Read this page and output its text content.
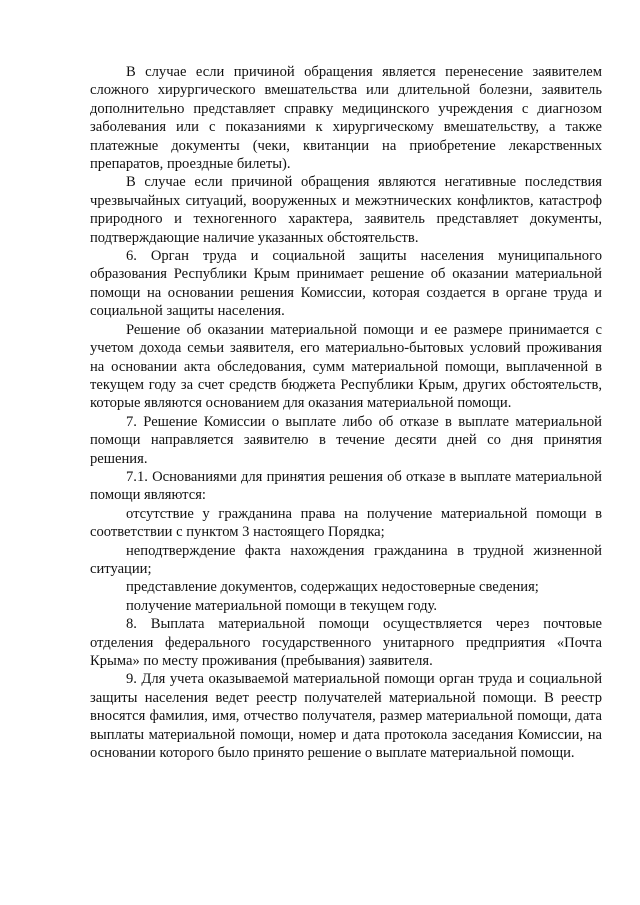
В случае если причиной обращения является перенесение заявителем сложного хирургического вмешательства или длительной болезни, заявитель дополнительно представляет справку медицинского учреждения с диагнозом заболевания или с показаниями к хирургическому вмешательству, а также платежные документы (чеки, квитанции на приобретение лекарственных препаратов, проездные билеты).

В случае если причиной обращения являются негативные последствия чрезвычайных ситуаций, вооруженных и межэтнических конфликтов, катастроф природного и техногенного характера, заявитель представляет документы, подтверждающие наличие указанных обстоятельств.

6. Орган труда и социальной защиты населения муниципального образования Республики Крым принимает решение об оказании материальной помощи на основании решения Комиссии, которая создается в органе труда и социальной защиты населения.

Решение об оказании материальной помощи и ее размере принимается с учетом дохода семьи заявителя, его материально-бытовых условий проживания на основании акта обследования, сумм материальной помощи, выплаченной в текущем году за счет средств бюджета Республики Крым, других обстоятельств, которые являются основанием для оказания материальной помощи.

7. Решение Комиссии о выплате либо об отказе в выплате материальной помощи направляется заявителю в течение десяти дней со дня принятия решения.

7.1. Основаниями для принятия решения об отказе в выплате материальной помощи являются:

отсутствие у гражданина права на получение материальной помощи в соответствии с пунктом 3 настоящего Порядка;

неподтверждение факта нахождения гражданина в трудной жизненной ситуации;

представление документов, содержащих недостоверные сведения;

получение материальной помощи в текущем году.

8. Выплата материальной помощи осуществляется через почтовые отделения федерального государственного унитарного предприятия «Почта Крыма» по месту проживания (пребывания) заявителя.

9. Для учета оказываемой материальной помощи орган труда и социальной защиты населения ведет реестр получателей материальной помощи. В реестр вносятся фамилия, имя, отчество получателя, размер материальной помощи, дата выплаты материальной помощи, номер и дата протокола заседания Комиссии, на основании которого было принято решение о выплате материальной помощи.
